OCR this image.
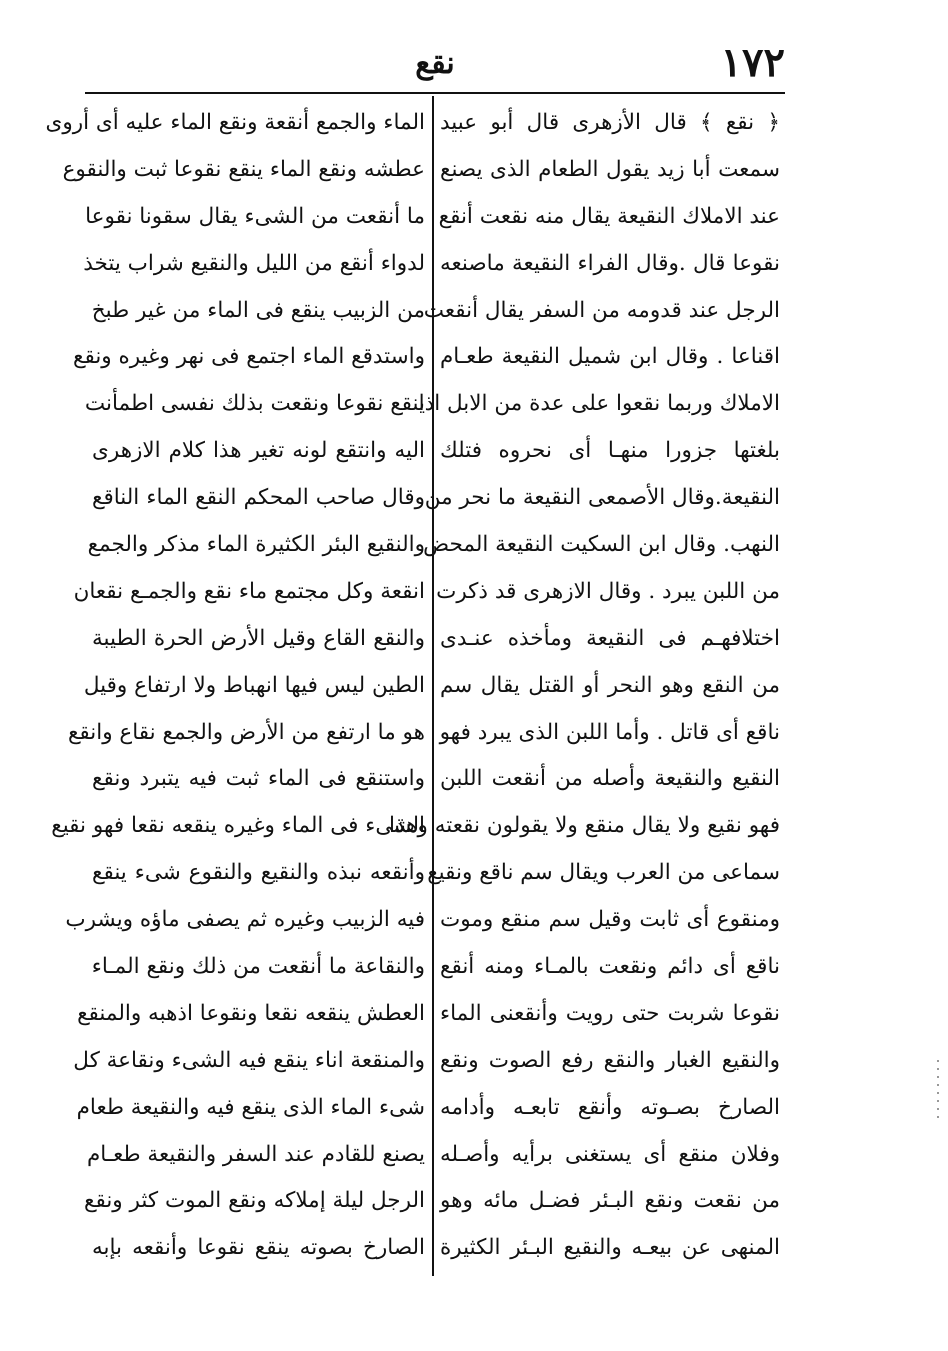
١٧٢
نقع
﴿ نقع ﴾ قال الأزهرى قال أبو عبيد
سمعت أبا زيد يقول الطعام الذى يصنع
عند الاملاك النقيعة يقال منه نقعت أنقع
نقوعا قال .وقال الفراء النقيعة ماصنعه
الرجل عند قدومه من السفر يقال أنقعت
اقناعا . وقال ابن شميل النقيعة طعـام
الاملاك وربما نقعوا على عدة من الابل اذا
بلغتها جزورا منهـا أى نحروه فتلك
النقيعة.وقال الأصمعى النقيعة ما نحر من
النهب. وقال ابن السكيت النقيعة المحض
من اللبن يبرد . وقال الازهرى قد ذكرت
اختلافهـم فى النقيعة ومأخذه عنـدى
من النقع وهو النحر أو القتل يقال سم
ناقع أى قاتل . وأما اللبن الذى يبرد فهو
النقيع والنقيعة وأصله من أنقعت اللبن
فهو نقيع ولا يقال منقع ولا يقولون نقعته وهذا
سماعى من العرب ويقال سم ناقع ونقيع
ومنقوع أى ثابت وقيل سم منقع وموت
ناقع أى دائم ونقعت بالمـاء ومنه أنقع
نقوعا شربت حتى رويت وأنقعنى الماء
والنقيع الغبار والنقع رفع الصوت ونقع
الصارخ بصـوته وأنقع تابعـه وأدامه
وفلان منقع أى يستغنى برأيه وأصـله
من نقعت ونقع البـئر فضـل مائه وهو
المنهى عن بيعـه والنقيع البـئر الكثيرة
الماء والجمع أنقعة ونقع الماء عليه أى أروى
عطشه ونقع الماء ينقع نقوعا ثبت والنقوع
ما أنقعت من الشىء يقال سقونا نقوعا
لدواء أنقع من الليل والنقيع شراب يتخذ
من الزبيب ينقع فى الماء من غير طبخ
واستدقع الماء اجتمع فى نهر وغيره ونقع
ينقع نقوعا ونقعت بذلك نفسى اطمأنت
اليه وانتقع لونه تغير هذا كلام الازهرى
وقال صاحب المحكم النقع الماء الناقع
والنقيع البئر الكثيرة الماء مذكر والجمع
انقعة وكل مجتمع ماء نقع والجمـع نقعان
والنقع القاع وقيل الأرض الحرة الطيبة
الطين ليس فيها انهباط ولا ارتفاع وقيل
هو ما ارتفع من الأرض والجمع نقاع وانقع
واستنقع فى الماء ثبت فيه يتبرد ونقع
الشىء فى الماء وغيره ينقعه نقعا فهو نقيع
وأنقعه نبذه والنقيع والنقوع شىء ينقع
فيه الزبيب وغيره ثم يصفى ماؤه ويشرب
والنقاعة ما أنقعت من ذلك ونقع المـاء
العطش ينقعه نقعا ونقوعا اذهبه والمنقع
والمنقعة اناء ينقع فيه الشىء ونقاعة كل
شىء الماء الذى ينقع فيه والنقيعة طعام
يصنع للقادم عند السفر والنقيعة طعـام
الرجل ليلة إملاكه ونقع الموت كثر ونقع
الصارخ بصوته ينقع نقوعا وأنقعه بإبه
